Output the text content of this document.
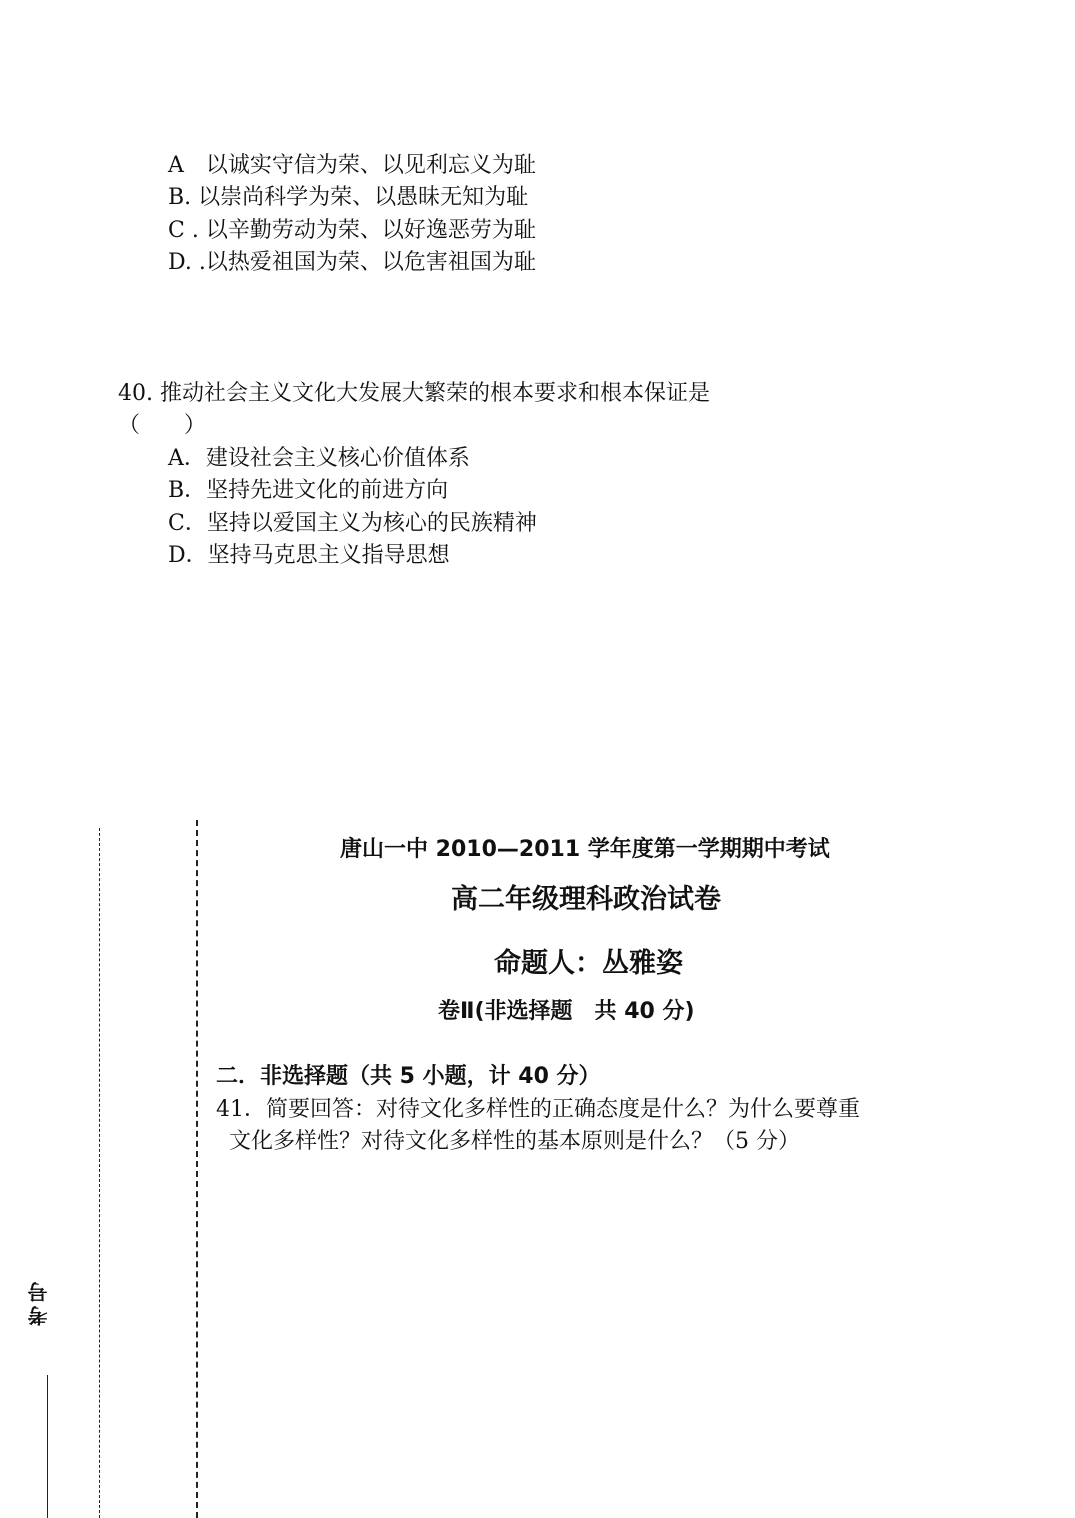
A　以诚实守信为荣、以见利忘义为耻
B. 以崇尚科学为荣、以愚昧无知为耻
C . 以辛勤劳动为荣、以好逸恶劳为耻
D. .以热爱祖国为荣、以危害祖国为耻
40. 推动社会主义文化大发展大繁荣的根本要求和根本保证是
（　　）
A．建设社会主义核心价值体系
B．坚持先进文化的前进方向
C．坚持以爱国主义为核心的民族精神
D．坚持马克思主义指导思想
考号
唐山一中 2010—2011 学年度第一学期期中考试
高二年级理科政治试卷
命题人：丛雅姿
卷Ⅱ(非选择题　共 40 分)
二．非选择题（共 5 小题，计 40 分）
41．简要回答：对待文化多样性的正确态度是什么？为什么要尊重
文化多样性？对待文化多样性的基本原则是什么？（5 分）
